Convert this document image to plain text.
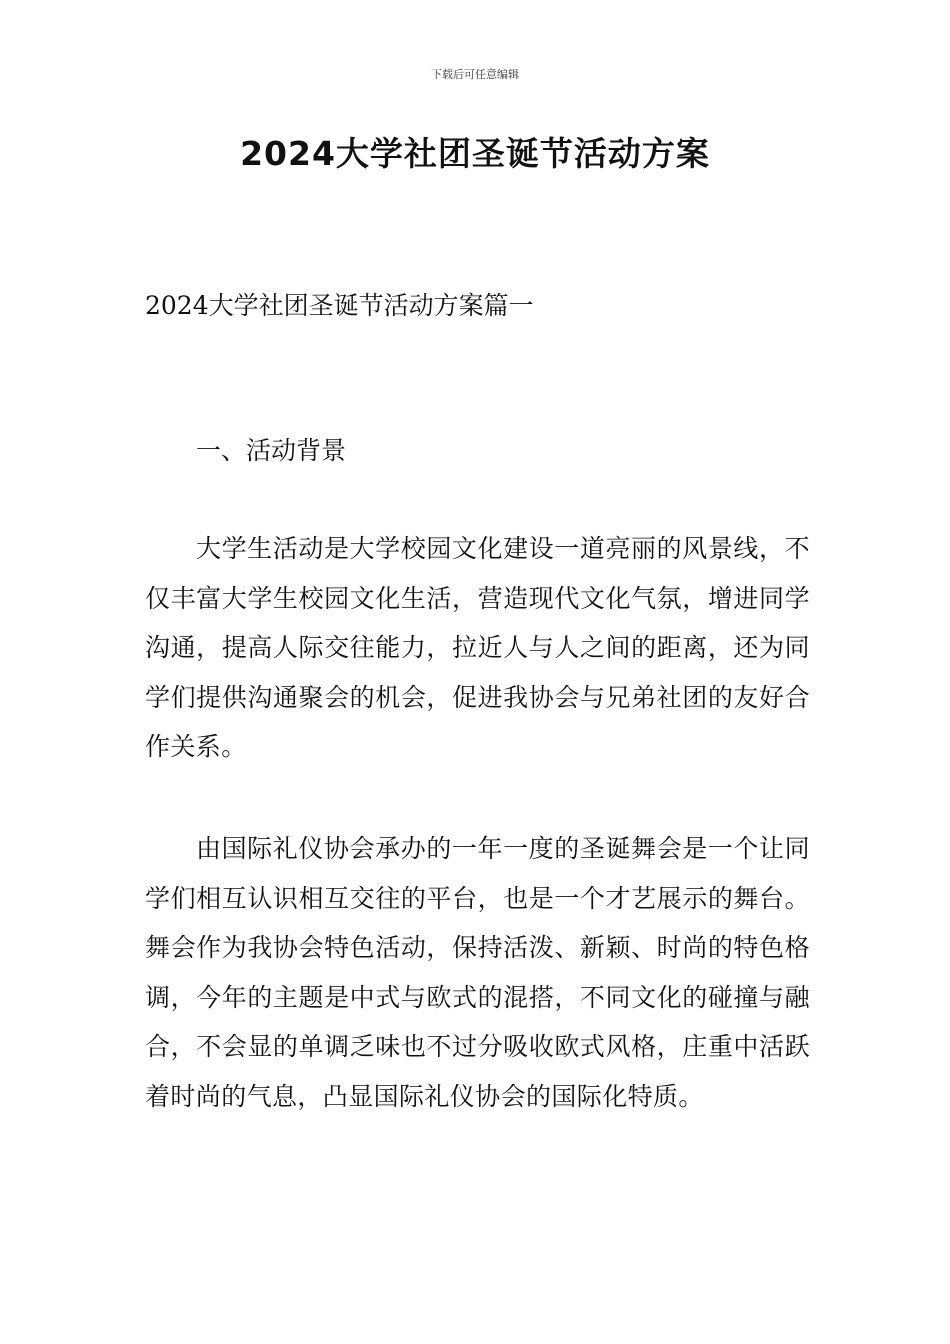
下载后可任意编辑
2024大学社团圣诞节活动方案
2024大学社团圣诞节活动方案篇一
一、活动背景

大学生活动是大学校园文化建设一道亮丽的风景线，不仅丰富大学生校园文化生活，营造现代文化气氛，增进同学沟通，提高人际交往能力，拉近人与人之间的距离，还为同学们提供沟通聚会的机会，促进我协会与兄弟社团的友好合作关系。

由国际礼仪协会承办的一年一度的圣诞舞会是一个让同学们相互认识相互交往的平台，也是一个才艺展示的舞台。舞会作为我协会特色活动，保持活泼、新颖、时尚的特色格调，今年的主题是中式与欧式的混搭，不同文化的碰撞与融合，不会显的单调乏味也不过分吸收欧式风格，庄重中活跃着时尚的气息，凸显国际礼仪协会的国际化特质。
